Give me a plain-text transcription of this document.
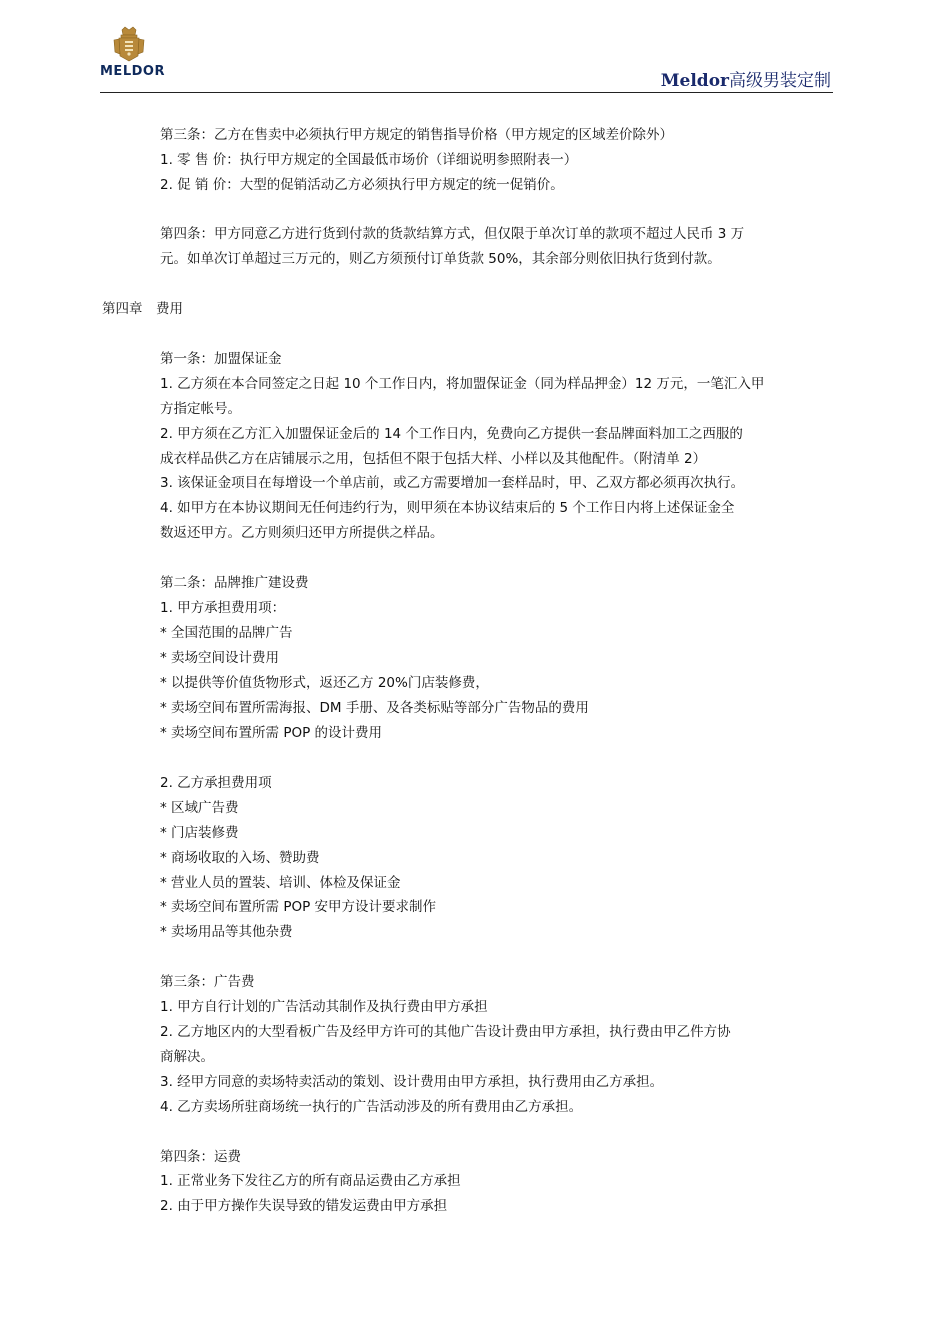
MELDOR	Meldor高级男装定制
第三条：乙方在售卖中必须执行甲方规定的销售指导价格（甲方规定的区域差价除外）
1. 零 售 价：执行甲方规定的全国最低市场价（详细说明参照附表一）
2. 促 销 价：大型的促销活动乙方必须执行甲方规定的统一促销价。
第四条：甲方同意乙方进行货到付款的货款结算方式，但仅限于单次订单的款项不超过人民币 3 万
元。如单次订单超过三万元的，则乙方须预付订单货款 50%，其余部分则依旧执行货到付款。
第四章　费用
第一条：加盟保证金
1. 乙方须在本合同签定之日起 10 个工作日内，将加盟保证金（同为样品押金）12 万元，一笔汇入甲
方指定帐号。
2. 甲方须在乙方汇入加盟保证金后的 14 个工作日内，免费向乙方提供一套品牌面料加工之西服的
成衣样品供乙方在店铺展示之用，包括但不限于包括大样、小样以及其他配件。（附清单 2）
3. 该保证金项目在每增设一个单店前，或乙方需要增加一套样品时，甲、乙双方都必须再次执行。
4. 如甲方在本协议期间无任何违约行为，则甲须在本协议结束后的 5 个工作日内将上述保证金全
数返还甲方。乙方则须归还甲方所提供之样品。
第二条：品牌推广建设费
1. 甲方承担费用项：
* 全国范围的品牌广告
* 卖场空间设计费用
* 以提供等价值货物形式，返还乙方 20%门店装修费，
* 卖场空间布置所需海报、DM 手册、及各类标贴等部分广告物品的费用
* 卖场空间布置所需 POP 的设计费用
2. 乙方承担费用项
* 区域广告费
* 门店装修费
* 商场收取的入场、赞助费
* 营业人员的置装、培训、体检及保证金
* 卖场空间布置所需 POP 安甲方设计要求制作
* 卖场用品等其他杂费
第三条：广告费
1. 甲方自行计划的广告活动其制作及执行费由甲方承担
2. 乙方地区内的大型看板广告及经甲方许可的其他广告设计费由甲方承担，执行费由甲乙件方协
商解决。
3. 经甲方同意的卖场特卖活动的策划、设计费用由甲方承担，执行费用由乙方承担。
4. 乙方卖场所驻商场统一执行的广告活动涉及的所有费用由乙方承担。
第四条：运费
1. 正常业务下发往乙方的所有商品运费由乙方承担
2. 由于甲方操作失误导致的错发运费由甲方承担
